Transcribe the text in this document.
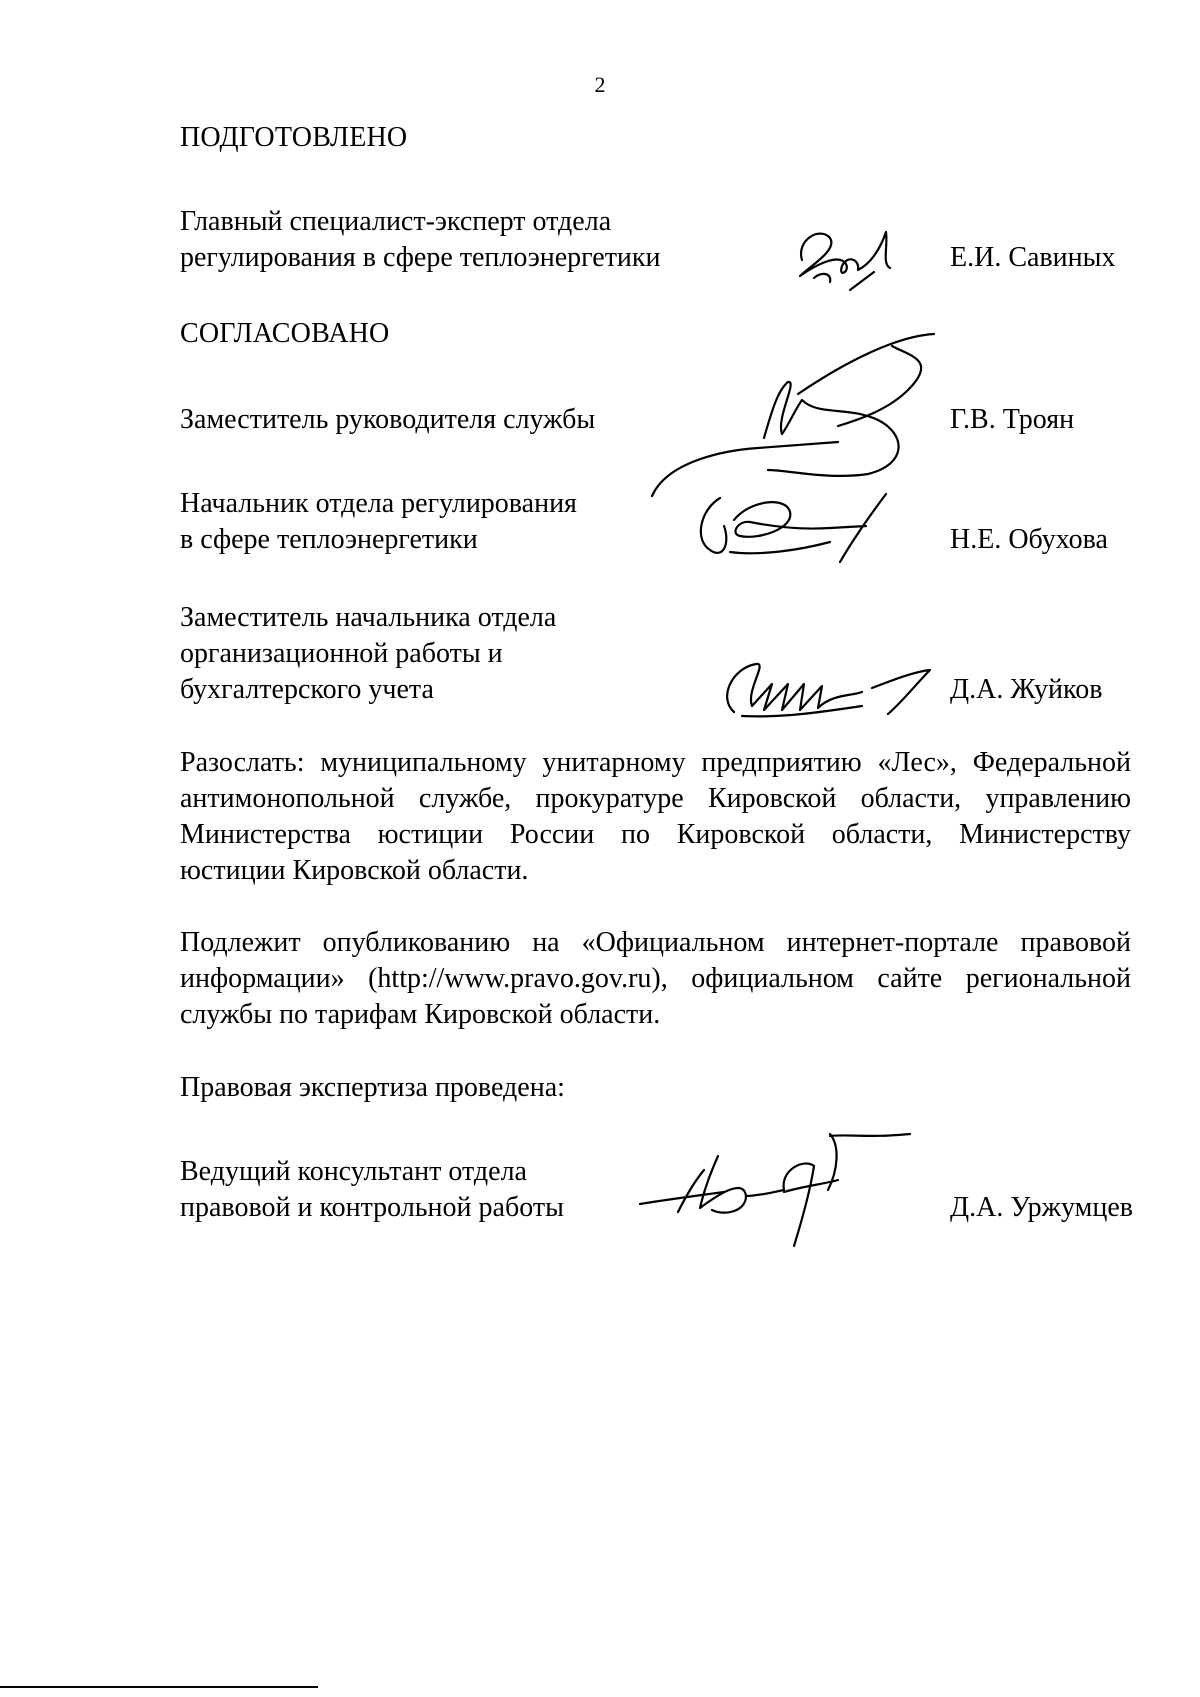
2
ПОДГОТОВЛЕНО
Главный специалист-эксперт отдела
регулирования в сфере теплоэнергетики	Е.И. Савиных
СОГЛАСОВАНО
Заместитель руководителя службы	Г.В. Троян
Начальник отдела регулирования
в сфере теплоэнергетики	Н.Е. Обухова
Заместитель начальника отдела
организационной работы и
бухгалтерского учета	Д.А. Жуйков
Разослать: муниципальному унитарному предприятию «Лес», Федеральной
антимонопольной службе, прокуратуре Кировской области, управлению
Министерства юстиции России по Кировской области, Министерству
юстиции Кировской области.
Подлежит опубликованию на «Официальном интернет-портале правовой
информации» (http://www.pravo.gov.ru), официальном сайте региональной
службы по тарифам Кировской области.
Правовая экспертиза проведена:
Ведущий консультант отдела
правовой и контрольной работы	Д.А. Уржумцев
